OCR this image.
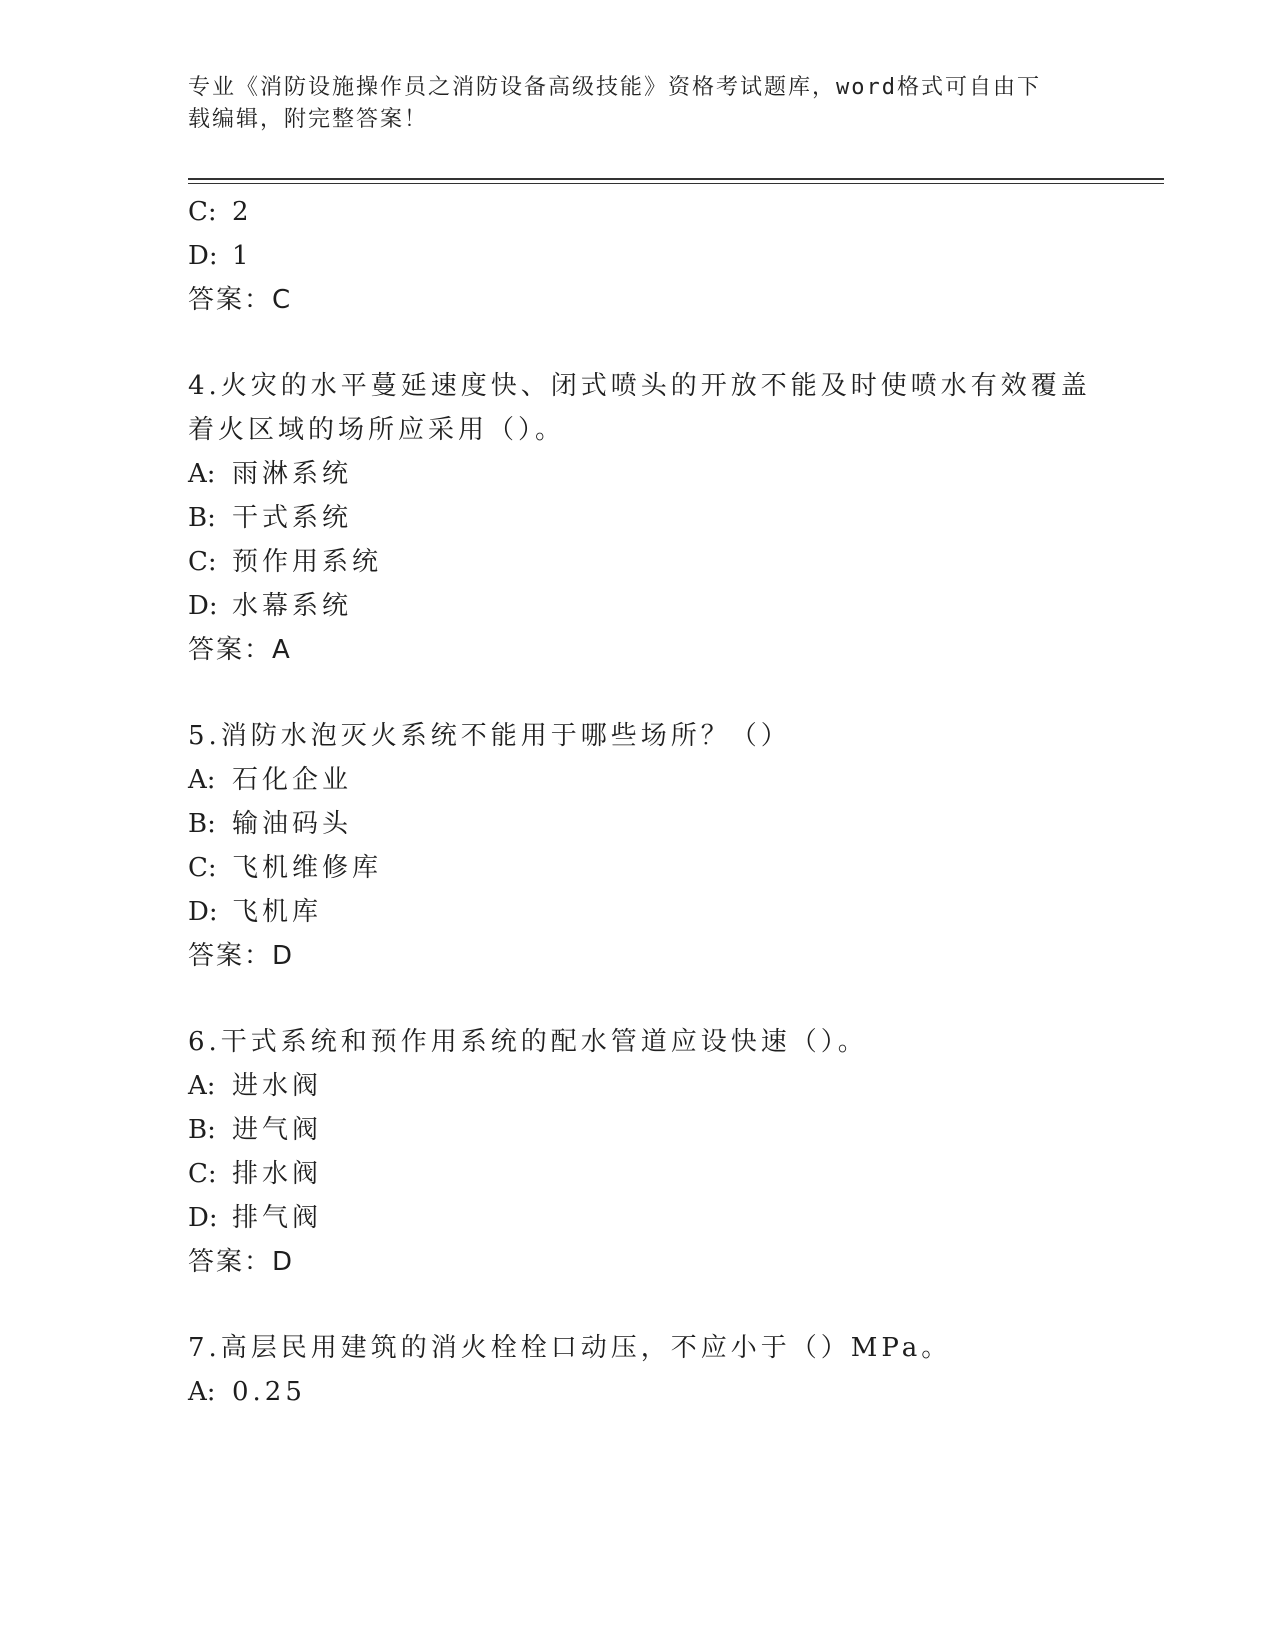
专业《消防设施操作员之消防设备高级技能》资格考试题库，word格式可自由下
载编辑，附完整答案！
C: 2
D: 1
答案：C
4.火灾的水平蔓延速度快、闭式喷头的开放不能及时使喷水有效覆盖
着火区域的场所应采用（）。
A: 雨淋系统
B: 干式系统
C: 预作用系统
D: 水幕系统
答案：A
5.消防水泡灭火系统不能用于哪些场所？（）
A: 石化企业
B: 输油码头
C: 飞机维修库
D: 飞机库
答案：D
6.干式系统和预作用系统的配水管道应设快速（）。
A: 进水阀
B: 进气阀
C: 排水阀
D: 排气阀
答案：D
7.高层民用建筑的消火栓栓口动压，不应小于（）MPa。
A: 0.25
